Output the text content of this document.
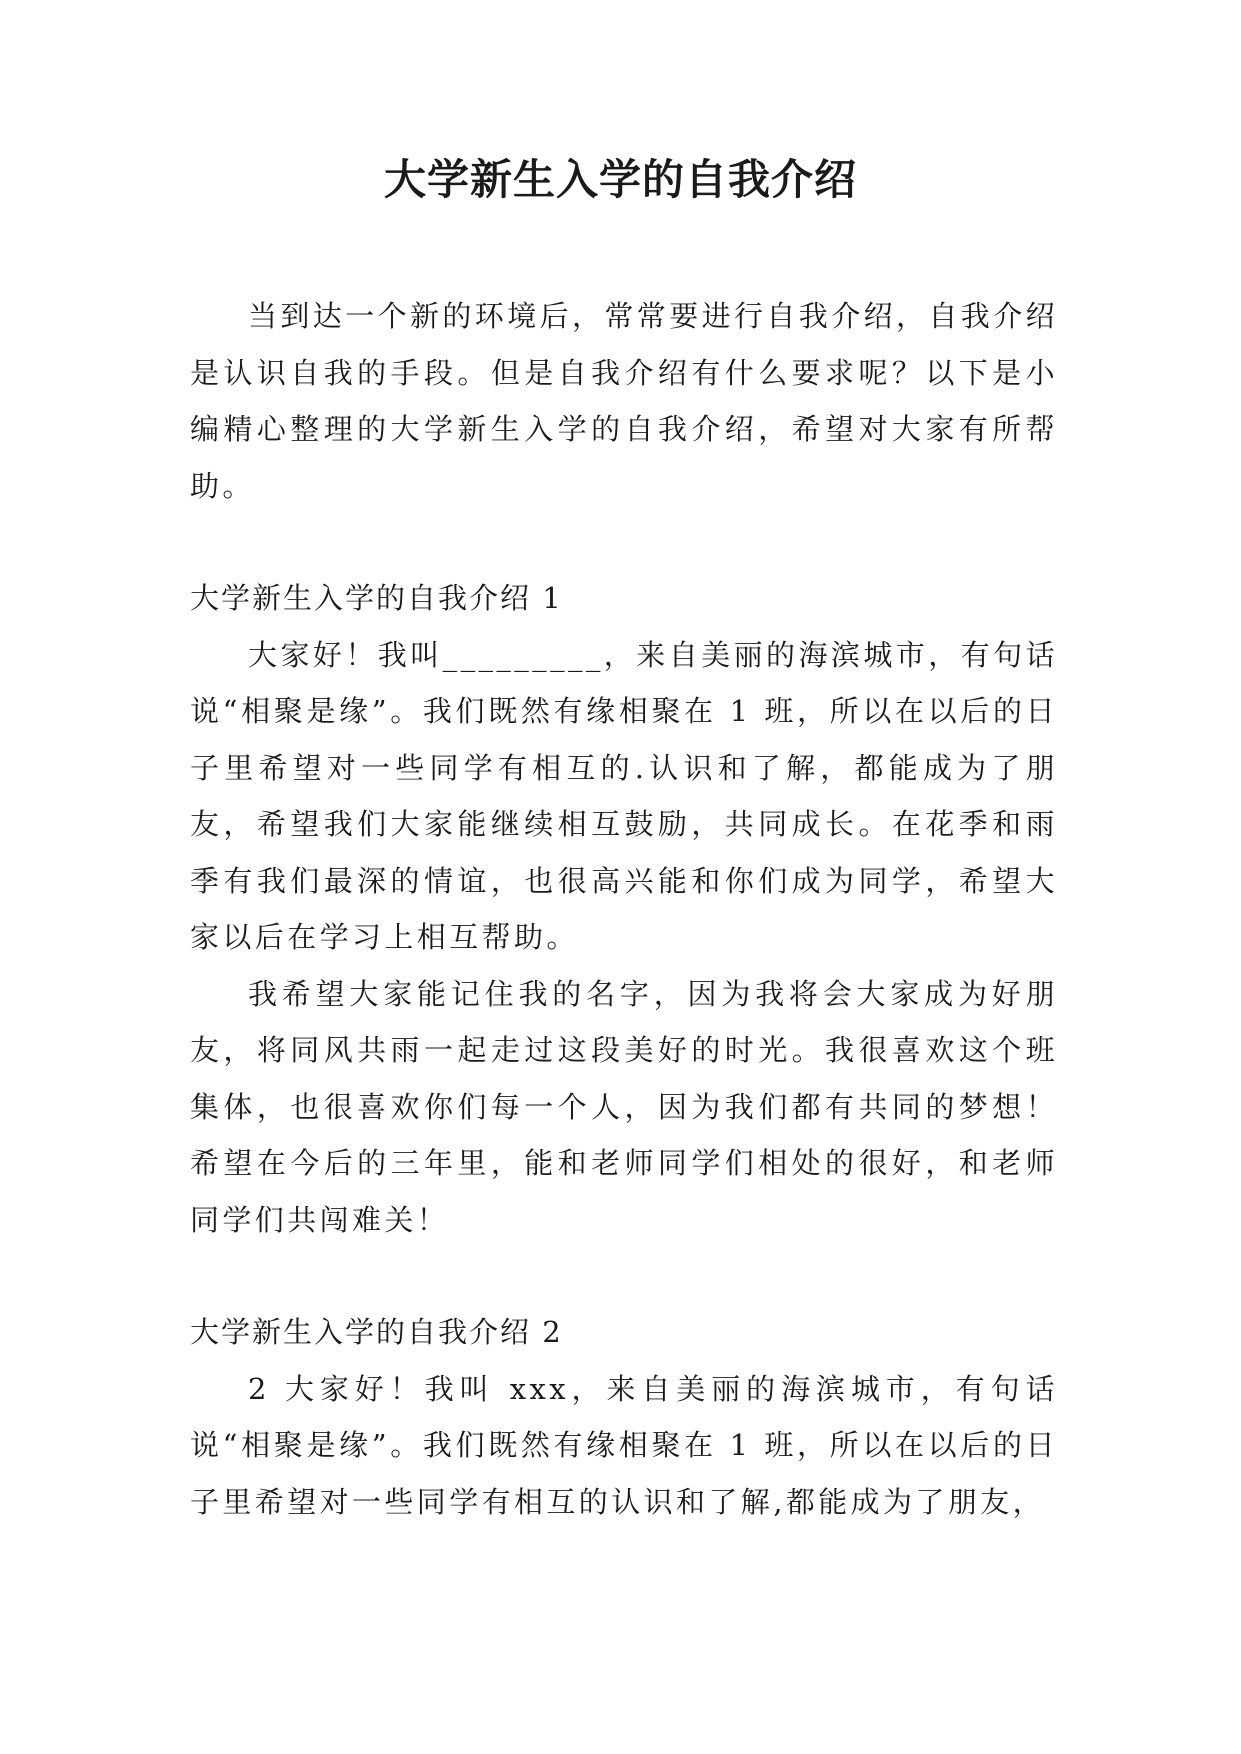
大学新生入学的自我介绍

当到达一个新的环境后，常常要进行自我介绍，自我介绍是认识自我的手段。但是自我介绍有什么要求呢？以下是小编精心整理的大学新生入学的自我介绍，希望对大家有所帮助。

大学新生入学的自我介绍 1

大家好！我叫_________，来自美丽的海滨城市，有句话说“相聚是缘”。我们既然有缘相聚在 1 班，所以在以后的日子里希望对一些同学有相互的.认识和了解，都能成为了朋友，希望我们大家能继续相互鼓励，共同成长。在花季和雨季有我们最深的情谊，也很高兴能和你们成为同学，希望大家以后在学习上相互帮助。

我希望大家能记住我的名字，因为我将会大家成为好朋友，将同风共雨一起走过这段美好的时光。我很喜欢这个班集体，也很喜欢你们每一个人，因为我们都有共同的梦想！希望在今后的三年里，能和老师同学们相处的很好，和老师同学们共闯难关！

大学新生入学的自我介绍 2

2 大家好！我叫 xxx，来自美丽的海滨城市，有句话说“相聚是缘”。我们既然有缘相聚在 1 班，所以在以后的日子里希望对一些同学有相互的认识和了解,都能成为了朋友，
